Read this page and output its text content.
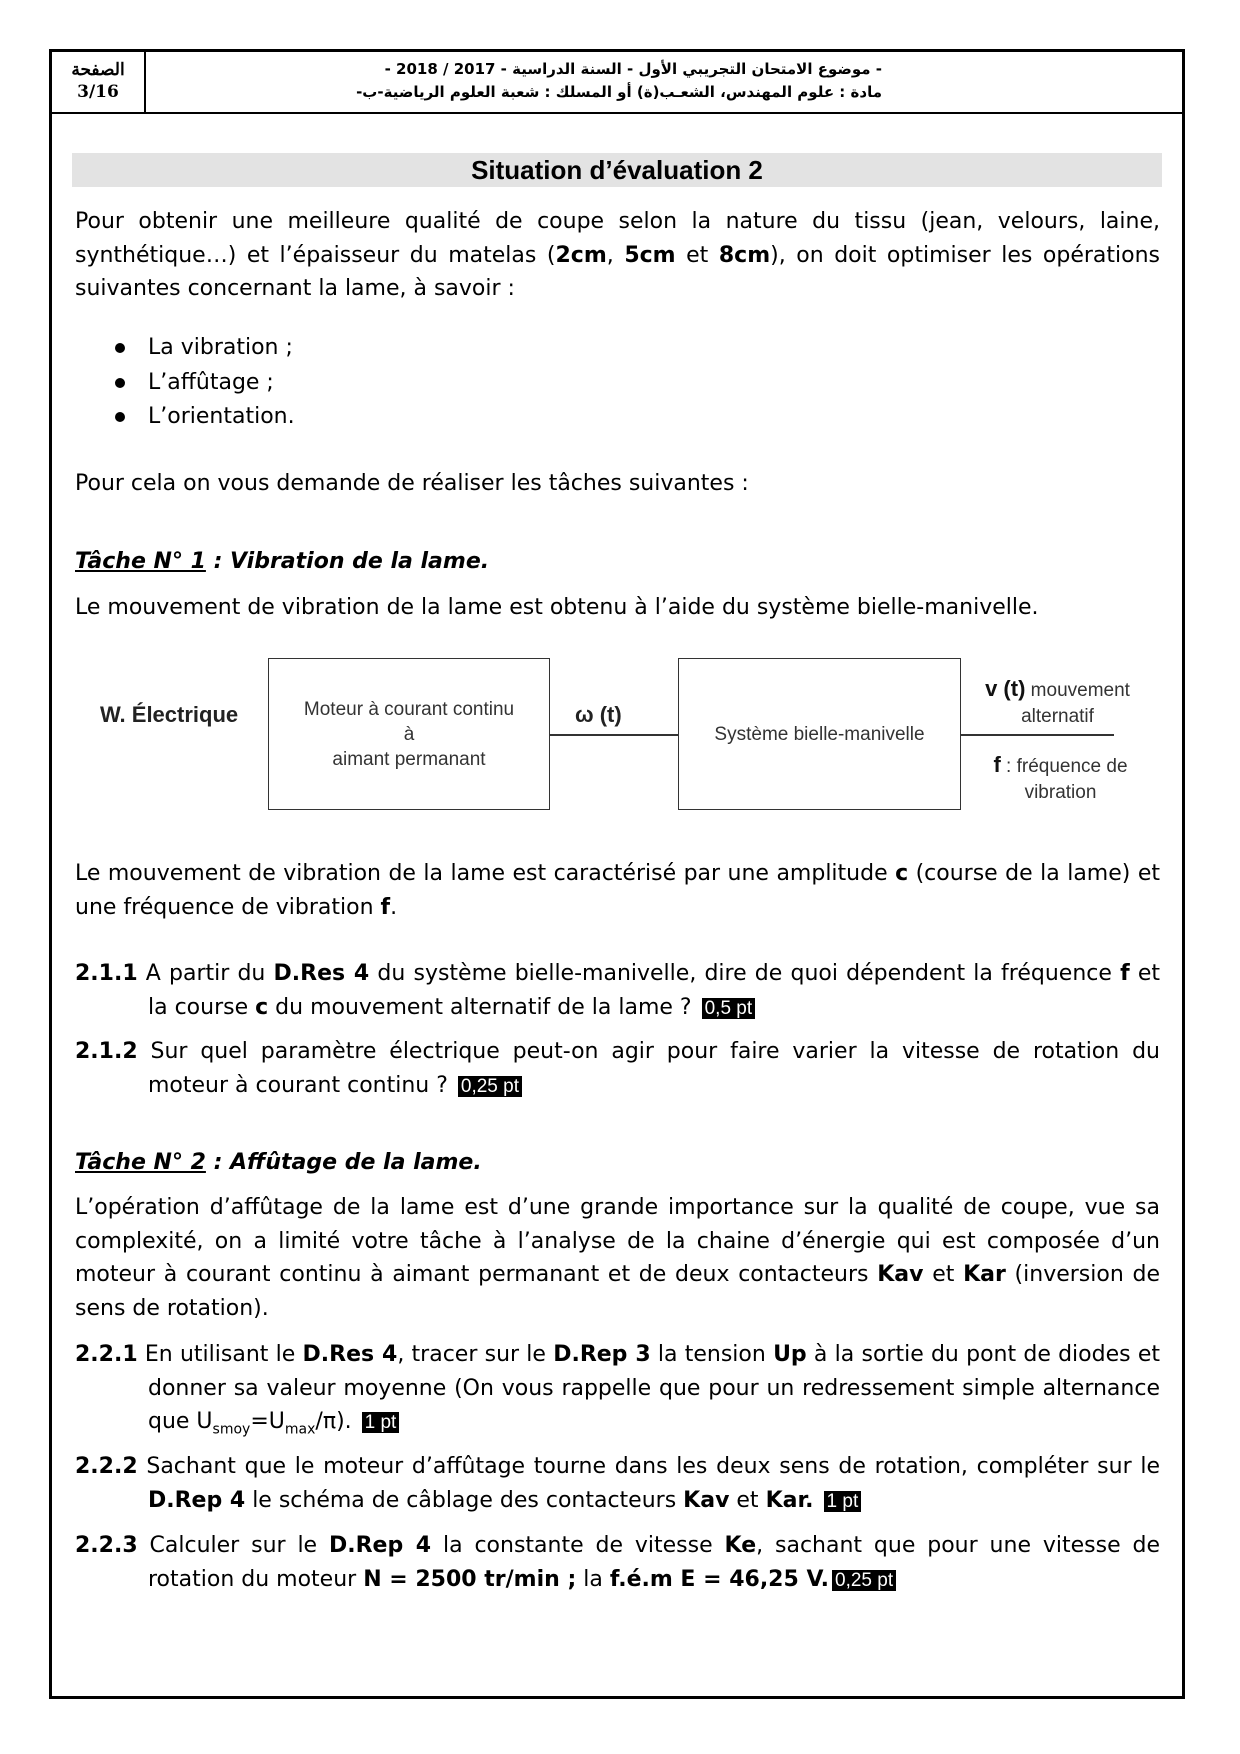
الصفحة
3/16
- موضوع الامتحان التجريبي الأول - السنة الدراسية - 2017 / 2018 -
مادة : علوم المهندس، الشعـب(ة) أو المسلك : شعبة العلوم الرياضية-ب-
Situation d’évaluation 2

Pour obtenir une meilleure qualité de coupe selon la nature du tissu (jean, velours, laine, synthétique…) et l’épaisseur du matelas (2cm, 5cm et 8cm), on doit optimiser les opérations suivantes concernant la lame, à savoir :

La vibration ;
L’affûtage ;
L’orientation.

Pour cela on vous demande de réaliser les tâches suivantes :

Tâche N° 1 : Vibration de la lame.

Le mouvement de vibration de la lame est obtenu à l’aide du système bielle-manivelle.

W. Électrique	Moteur à courant continu
à
aimant permanant
ω (t)
Système bielle-manivelle
v (t) mouvement
alternatif
f : fréquence de
vibration

Le mouvement de vibration de la lame est caractérisé par une amplitude c (course de la lame) et une fréquence de vibration f.

2.1.1 A partir du D.Res 4 du système bielle-manivelle, dire de quoi dépendent la fréquence f et la course c du mouvement alternatif de la lame ? 0,5 pt

2.1.2 Sur quel paramètre électrique peut-on agir pour faire varier la vitesse de rotation du moteur à courant continu ? 0,25 pt

Tâche N° 2 : Affûtage de la lame.

L’opération d’affûtage de la lame est d’une grande importance sur la qualité de coupe, vue sa complexité, on a limité votre tâche à l’analyse de la chaine d’énergie qui est composée d’un moteur à courant continu à aimant permanant et de deux contacteurs Kav et Kar (inversion de sens de rotation).

2.2.1 En utilisant le D.Res 4, tracer sur le D.Rep 3 la tension Up à la sortie du pont de diodes et donner sa valeur moyenne (On vous rappelle que pour un redressement simple alternance que $U_{smoy}=U_{max}/\pi$). 1 pt

2.2.2 Sachant que le moteur d’affûtage tourne dans les deux sens de rotation, compléter sur le D.Rep 4 le schéma de câblage des contacteurs Kav et Kar. 1 pt

2.2.3 Calculer sur le D.Rep 4 la constante de vitesse Ke, sachant que pour une vitesse de rotation du moteur N = 2500 tr/min ; la f.é.m E = 46,25 V. 0,25 pt
